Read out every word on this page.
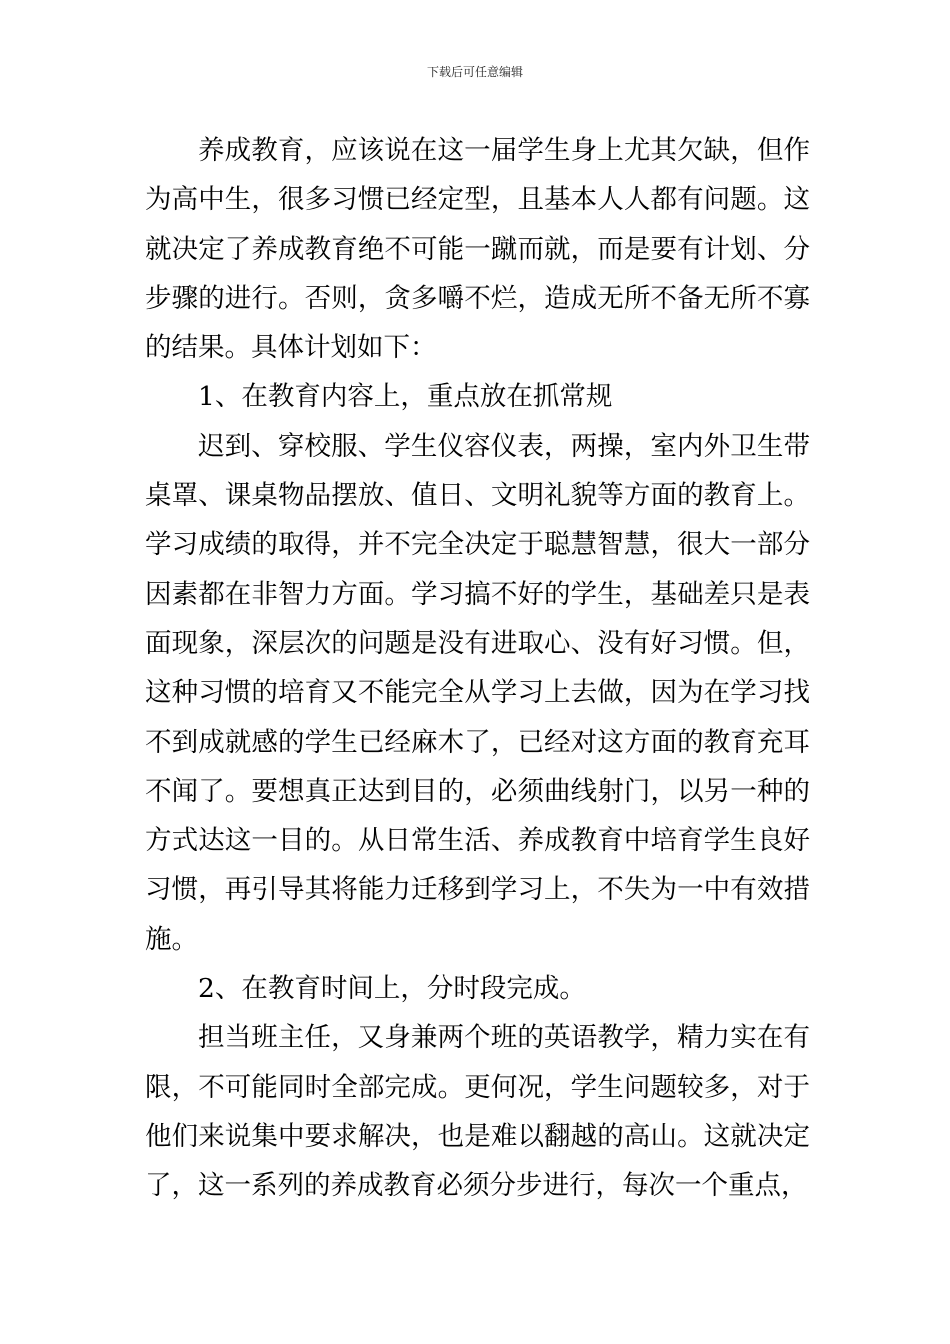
下载后可任意编辑

养成教育，应该说在这一届学生身上尤其欠缺，但作为高中生，很多习惯已经定型，且基本人人都有问题。这就决定了养成教育绝不可能一蹴而就，而是要有计划、分步骤的进行。否则，贪多嚼不烂，造成无所不备无所不寡的结果。具体计划如下：

1、在教育内容上，重点放在抓常规

迟到、穿校服、学生仪容仪表，两操，室内外卫生带桌罩、课桌物品摆放、值日、文明礼貌等方面的教育上。学习成绩的取得，并不完全决定于聪慧智慧，很大一部分因素都在非智力方面。学习搞不好的学生，基础差只是表面现象，深层次的问题是没有进取心、没有好习惯。但，这种习惯的培育又不能完全从学习上去做，因为在学习找不到成就感的学生已经麻木了，已经对这方面的教育充耳不闻了。要想真正达到目的，必须曲线射门，以另一种的方式达这一目的。从日常生活、养成教育中培育学生良好习惯，再引导其将能力迁移到学习上，不失为一中有效措施。

2、在教育时间上，分时段完成。

担当班主任，又身兼两个班的英语教学，精力实在有限，不可能同时全部完成。更何况，学生问题较多，对于他们来说集中要求解决，也是难以翻越的高山。这就决定了，这一系列的养成教育必须分步进行，每次一个重点，
